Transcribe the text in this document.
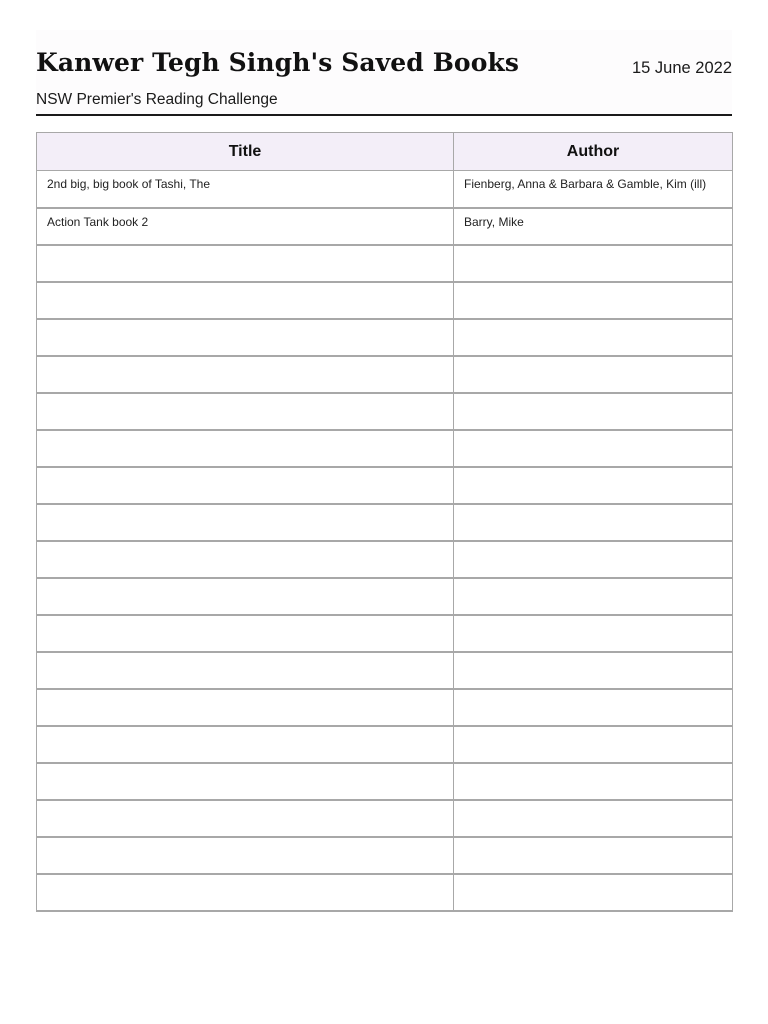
Kanwer Tegh Singh's Saved Books	15 June 2022
NSW Premier's Reading Challenge
Title	Author
2nd big, big book of Tashi, The	Fienberg, Anna & Barbara & Gamble, Kim (ill)
Action Tank book 2	Barry, Mike
